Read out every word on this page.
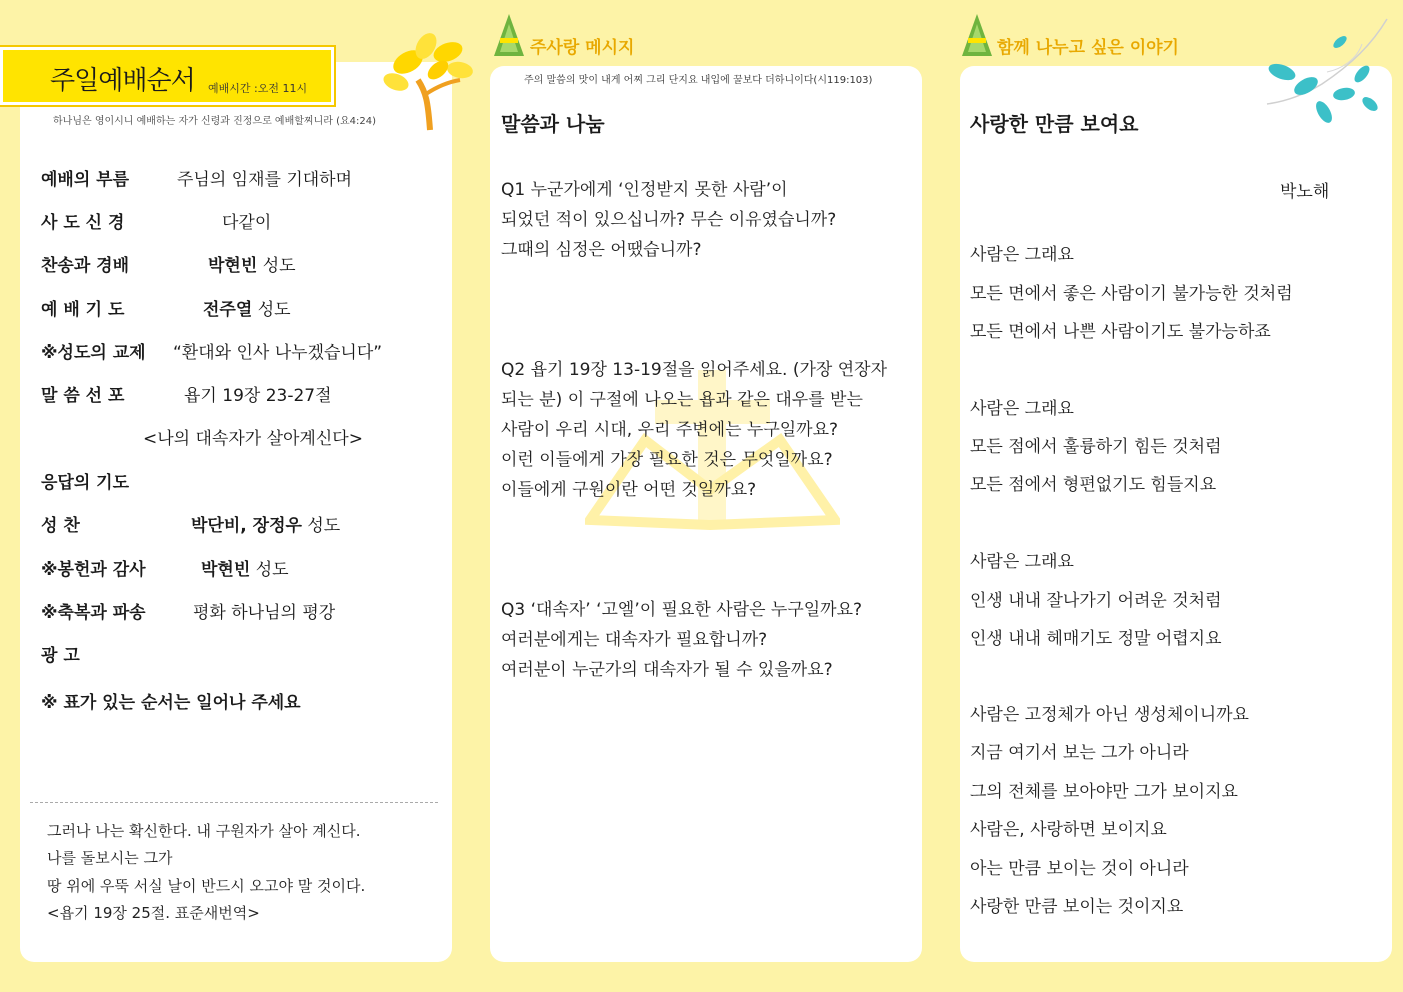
주일예배순서 예배시간 :오전 11시
하나님은 영이시니 예배하는 자가 신령과 진정으로 예배할찌니라 (요4:24)
예배의 부름	주님의 임재를 기대하며
사 도 신 경	다같이
찬송과 경배	박현빈 성도
예 배 기 도	전주열 성도
※성도의 교제 “환대와 인사 나누겠습니다”
말 씀 선 포	욥기 19장 23-27절
<나의 대속자가 살아계신다>
응답의 기도
성 찬	박단비, 장정우 성도
※봉헌과 감사	박현빈 성도
※축복과 파송	평화 하나님의 평강
광 고
※ 표가 있는 순서는 일어나 주세요
그러나 나는 확신한다. 내 구원자가 살아 계신다.
나를 돌보시는 그가
땅 위에 우뚝 서실 날이 반드시 오고야 말 것이다.
<욥기 19장 25절. 표준새번역>
주사랑 메시지
주의 말씀의 맛이 내게 어찌 그리 단지요 내입에 꿀보다 더하니이다(시119:103)
말씀과 나눔
Q1 누군가에게 ‘인정받지 못한 사람’이
되었던 적이 있으십니까? 무슨 이유였습니까?
그때의 심정은 어땠습니까?
Q2 욥기 19장 13-19절을 읽어주세요. (가장 연장자
되는 분) 이 구절에 나오는 욥과 같은 대우를 받는
사람이 우리 시대, 우리 주변에는 누구일까요?
이런 이들에게 가장 필요한 것은 무엇일까요?
이들에게 구원이란 어떤 것일까요?
Q3 ‘대속자’ ‘고엘’이 필요한 사람은 누구일까요?
여러분에게는 대속자가 필요합니까?
여러분이 누군가의 대속자가 될 수 있을까요?
함께 나누고 싶은 이야기
사랑한 만큼 보여요
박노해
사람은 그래요
모든 면에서 좋은 사람이기 불가능한 것처럼
모든 면에서 나쁜 사람이기도 불가능하죠
사람은 그래요
모든 점에서 훌륭하기 힘든 것처럼
모든 점에서 형편없기도 힘들지요
사람은 그래요
인생 내내 잘나가기 어려운 것처럼
인생 내내 헤매기도 정말 어렵지요
사람은 고정체가 아닌 생성체이니까요
지금 여기서 보는 그가 아니라
그의 전체를 보아야만 그가 보이지요
사람은, 사랑하면 보이지요
아는 만큼 보이는 것이 아니라
사랑한 만큼 보이는 것이지요
